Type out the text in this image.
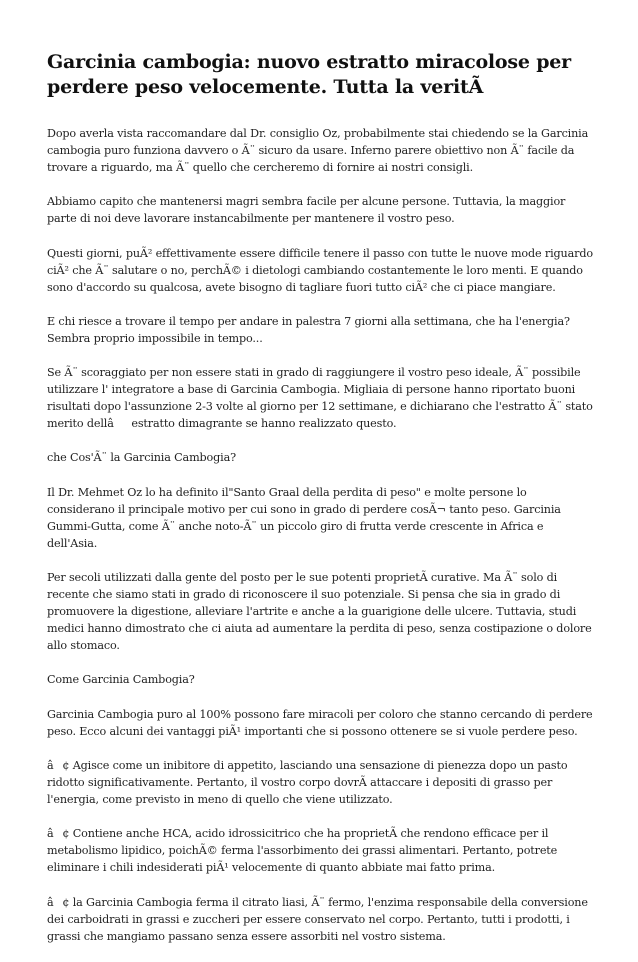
Garcinia cambogia: nuovo estratto miracolose per perdere peso velocemente. Tutta la veritÃ

Dopo averla vista raccomandare dal Dr. consiglio Oz, probabilmente stai chiedendo se la Garcinia cambogia puro funziona davvero o Ã¨ sicuro da usare. Inferno parere obiettivo non Ã¨ facile da trovare a riguardo, ma Ã¨ quello che cercheremo di fornire ai nostri consigli.

Abbiamo capito che mantenersi magri sembra facile per alcune persone. Tuttavia, la maggior parte di noi deve lavorare instancabilmente per mantenere il vostro peso.

Questi giorni, puÃ² effettivamente essere difficile tenere il passo con tutte le nuove mode riguardo ciÃ² che Ã¨ salutare o no, perchÃ© i dietologi cambiando costantemente le loro menti. E quando sono d'accordo su qualcosa, avete bisogno di tagliare fuori tutto ciÃ² che ci piace mangiare.

E chi riesce a trovare il tempo per andare in palestra 7 giorni alla settimana, che ha l'energia? Sembra proprio impossibile in tempo...

Se Ã¨ scoraggiato per non essere stati in grado di raggiungere il vostro peso ideale, Ã¨ possibile utilizzare l' integratore a base di Garcinia Cambogia. Migliaia di persone hanno riportato buoni risultati dopo l'assunzione 2-3 volte al giorno per 12 settimane, e dichiarano che l'estratto Ã¨ stato merito dellâestratto dimagrante se hanno realizzato questo.

che Cos'Ã¨ la Garcinia Cambogia?

Il Dr. Mehmet Oz lo ha definito il"Santo Graal della perdita di peso" e molte persone lo considerano il principale motivo per cui sono in grado di perdere cosÃ¬ tanto peso. Garcinia Gummi-Gutta, come Ã¨ anche noto-Ã¨ un piccolo giro di frutta verde crescente in Africa e dell'Asia.

Per secoli utilizzati dalla gente del posto per le sue potenti proprietÃ curative. Ma Ã¨ solo di recente che siamo stati in grado di riconoscere il suo potenziale. Si pensa che sia in grado di promuovere la digestione, alleviare l'artrite e anche a la guarigione delle ulcere. Tuttavia, studi medici hanno dimostrato che ci aiuta ad aumentare la perdita di peso, senza costipazione o dolore allo stomaco.

Come Garcinia Cambogia?

Garcinia Cambogia puro al 100% possono fare miracoli per coloro che stanno cercando di perdere peso. Ecco alcuni dei vantaggi piÃ¹ importanti che si possono ottenere se si vuole perdere peso.

â¢ Agisce come un inibitore di appetito, lasciando una sensazione di pienezza dopo un pasto ridotto significativamente. Pertanto, il vostro corpo dovrÃ attaccare i depositi di grasso per l'energia, come previsto in meno di quello che viene utilizzato.

â¢ Contiene anche HCA, acido idrossicitrico che ha proprietÃ che rendono efficace per il metabolismo lipidico, poichÃ© ferma l'assorbimento dei grassi alimentari. Pertanto, potrete eliminare i chili indesiderati piÃ¹ velocemente di quanto abbiate mai fatto prima.

â¢ la Garcinia Cambogia ferma il citrato liasi, Ã¨ fermo, l'enzima responsabile della conversione dei carboidrati in grassi e zuccheri per essere conservato nel corpo. Pertanto, tutti i prodotti, i grassi che mangiamo passano senza essere assorbiti nel vostro sistema.
